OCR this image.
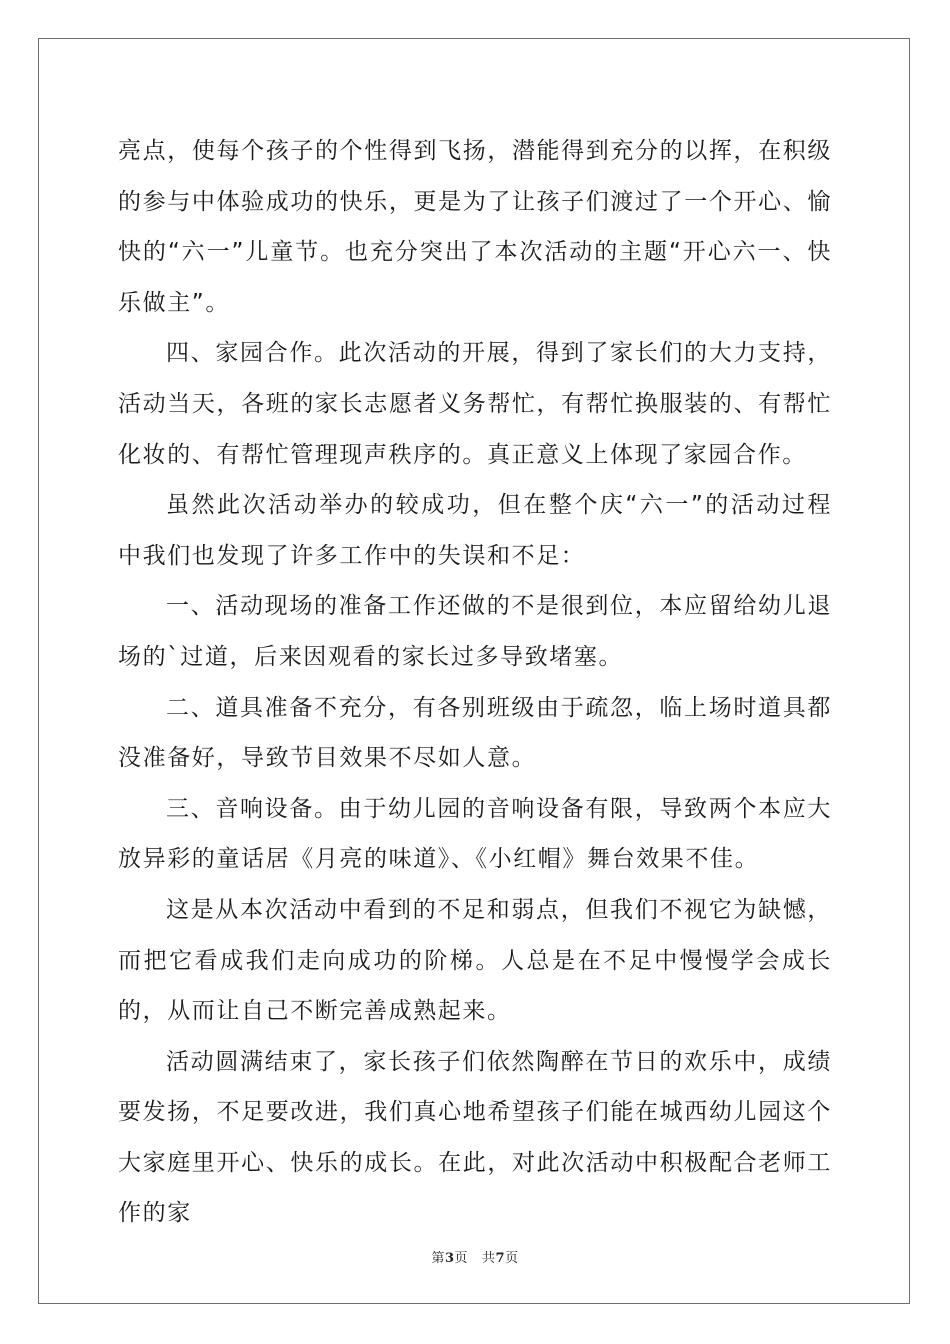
亮点，使每个孩子的个性得到飞扬，潜能得到充分的以挥，在积级的参与中体验成功的快乐，更是为了让孩子们渡过了一个开心、愉快的“六一”儿童节。也充分突出了本次活动的主题“开心六一、快乐做主”。

四、家园合作。此次活动的开展，得到了家长们的大力支持，活动当天，各班的家长志愿者义务帮忙，有帮忙换服装的、有帮忙化妆的、有帮忙管理现声秩序的。真正意义上体现了家园合作。

虽然此次活动举办的较成功，但在整个庆“六一”的活动过程中我们也发现了许多工作中的失误和不足：

一、活动现场的准备工作还做的不是很到位，本应留给幼儿退场的`过道，后来因观看的家长过多导致堵塞。

二、道具准备不充分，有各别班级由于疏忽，临上场时道具都没准备好，导致节目效果不尽如人意。

三、音响设备。由于幼儿园的音响设备有限，导致两个本应大放异彩的童话居《月亮的味道》、《小红帽》舞台效果不佳。

这是从本次活动中看到的不足和弱点，但我们不视它为缺憾，而把它看成我们走向成功的阶梯。人总是在不足中慢慢学会成长的，从而让自己不断完善成熟起来。

活动圆满结束了，家长孩子们依然陶醉在节日的欢乐中，成绩要发扬，不足要改进，我们真心地希望孩子们能在城西幼儿园这个大家庭里开心、快乐的成长。在此，对此次活动中积极配合老师工作的家

第3页 共7页
